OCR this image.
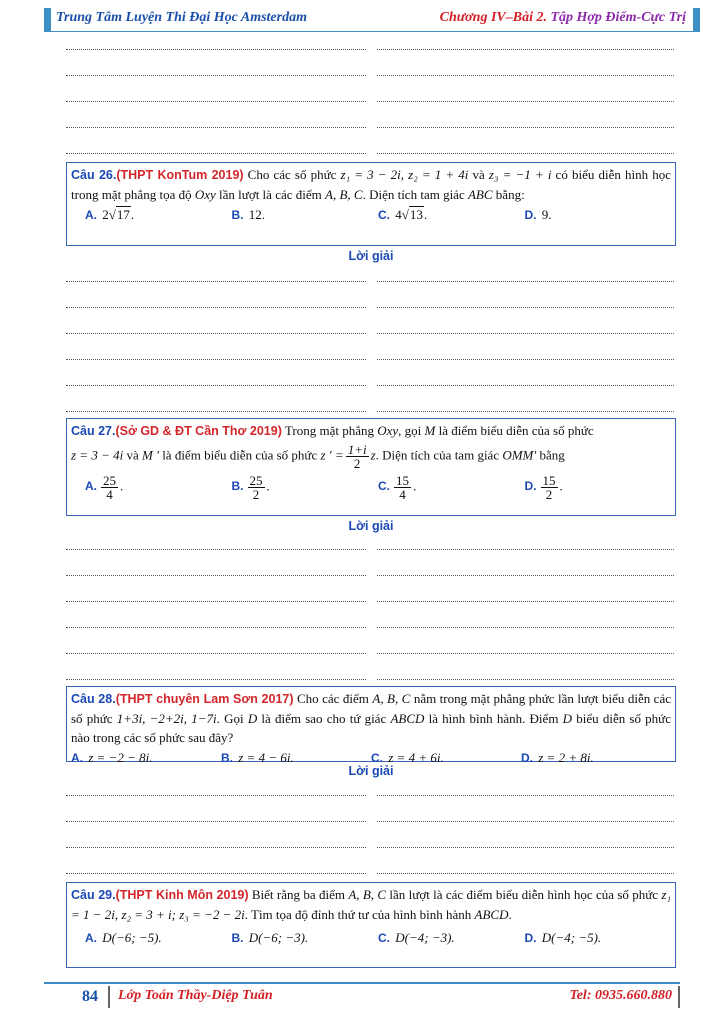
Trung Tâm Luyện Thi Đại Học Amsterdam	Chương IV–Bài 2. Tập Hợp Điểm-Cực Trị
Câu 26.(THPT KonTum 2019) Cho các số phức z₁ = 3 − 2i, z₂ = 1 + 4i và z₃ = −1 + i có biểu diễn hình học trong mặt phẳng tọa độ Oxy lần lượt là các điểm A, B, C. Diện tích tam giác ABC bằng:
A. 2√17.	B. 12.	C. 4√13.	D. 9.
Lời giải
Câu 27.(Sở GD & ĐT Cần Thơ 2019) Trong mặt phẳng Oxy, gọi M là điểm biểu diễn của số phức
z = 3 − 4i và M ′ là điểm biểu diễn của số phức z ′ = $\frac{1+i}{2} z$. Diện tích của tam giác OMM′ bằng
A. $\frac{25}{4}$ .	B. $\frac{25}{2}$ .	C. $\frac{15}{4}$ .	D. $\frac{15}{2}$ .
Lời giải
Câu 28.(THPT chuyên Lam Sơn 2017) Cho các điểm A, B, C nằm trong mặt phẳng phức lần lượt biểu diễn các số phức 1+3i, −2+2i, 1−7i. Gọi D là điểm sao cho tứ giác ABCD là hình bình hành. Điểm D biểu diễn số phức nào trong các số phức sau đây?
A. z = −2 − 8i.	B. z = 4 − 6i.	C. z = 4 + 6i.	D. z = 2 + 8i.
Lời giải
Câu 29.(THPT Kinh Môn 2019) Biết rằng ba điểm A, B, C lần lượt là các điểm biểu diễn hình học của số phức z₁ = 1 − 2i, z₂ = 3 + i; z₃ = −2 − 2i. Tìm tọa độ đỉnh thứ tư của hình bình hành ABCD.
A. D(−6; −5).	B. D(−6; −3).	C. D(−4; −3).	D. D(−4; −5).
84 Lớp Toán Thầy-Diệp Tuân	Tel: 0935.660.880
